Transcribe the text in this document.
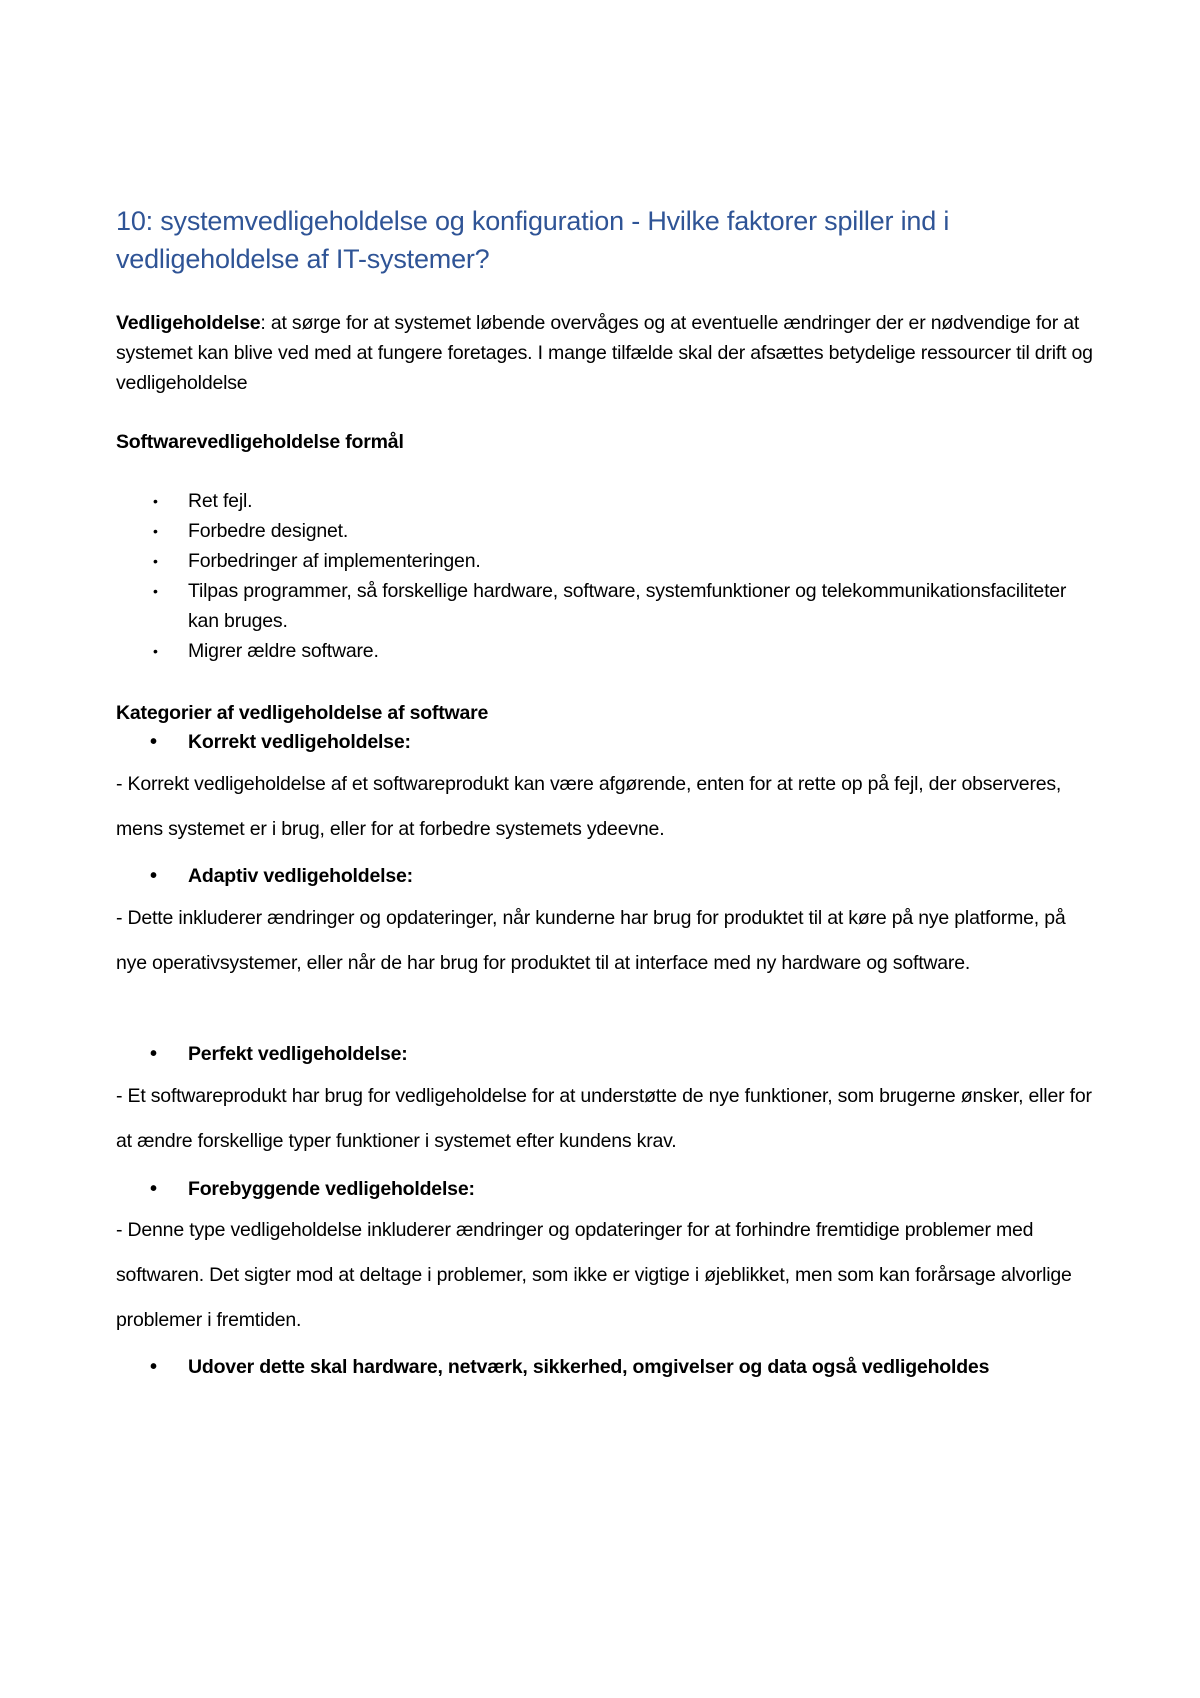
10: systemvedligeholdelse og konfiguration - Hvilke faktorer spiller ind i vedligeholdelse af IT-systemer?

Vedligeholdelse: at sørge for at systemet løbende overvåges og at eventuelle ændringer der er nødvendige for at systemet kan blive ved med at fungere foretages. I mange tilfælde skal der afsættes betydelige ressourcer til drift og vedligeholdelse

Softwarevedligeholdelse formål

• Ret fejl.
• Forbedre designet.
• Forbedringer af implementeringen.
• Tilpas programmer, så forskellige hardware, software, systemfunktioner og telekommunikationsfaciliteter kan bruges.
• Migrer ældre software.

Kategorier af vedligeholdelse af software

• Korrekt vedligeholdelse:

- Korrekt vedligeholdelse af et softwareprodukt kan være afgørende, enten for at rette op på fejl, der observeres, mens systemet er i brug, eller for at forbedre systemets ydeevne.

• Adaptiv vedligeholdelse:

- Dette inkluderer ændringer og opdateringer, når kunderne har brug for produktet til at køre på nye platforme, på nye operativsystemer, eller når de har brug for produktet til at interface med ny hardware og software.

• Perfekt vedligeholdelse:

- Et softwareprodukt har brug for vedligeholdelse for at understøtte de nye funktioner, som brugerne ønsker, eller for at ændre forskellige typer funktioner i systemet efter kundens krav.

• Forebyggende vedligeholdelse:

- Denne type vedligeholdelse inkluderer ændringer og opdateringer for at forhindre fremtidige problemer med softwaren. Det sigter mod at deltage i problemer, som ikke er vigtige i øjeblikket, men som kan forårsage alvorlige problemer i fremtiden.

• Udover dette skal hardware, netværk, sikkerhed, omgivelser og data også vedligeholdes
